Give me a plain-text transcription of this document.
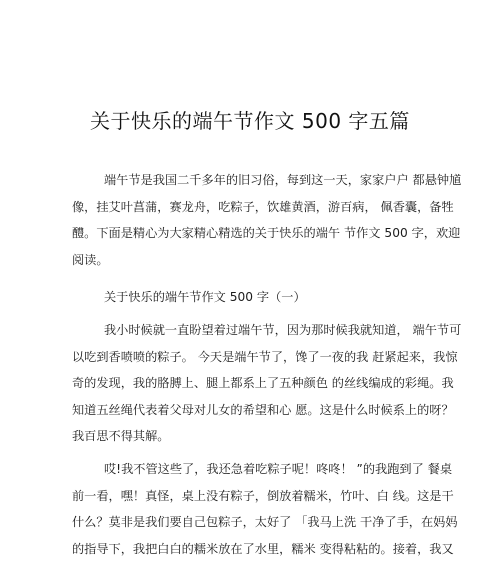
关于快乐的端午节作文 500 字五篇
端午节是我国二千多年的旧习俗，每到这一天，家家户户 都悬钟馗
像，挂艾叶菖蒲，赛龙舟，吃粽子，饮雄黄酒，游百病， 佩香囊，备牲
醴。下面是精心为大家精心精选的关于快乐的端午 节作文 500 字，欢迎
阅读。
关于快乐的端午节作文 500 字（一）
我小时候就一直盼望着过端午节，因为那时候我就知道， 端午节可
以吃到香喷喷的粽子。 今天是端午节了，馋了一夜的我 赶紧起来，我惊
奇的发现，我的胳膊上、腿上都系上了五种颜色 的丝线编成的彩绳。我
知道五丝绳代表着父母对儿女的希望和心 愿。这是什么时候系上的呀？
我百思不得其解。
哎!我不管这些了，我还急着吃粽子呢！咚咚！ ”的我跑到了 餐桌
前一看，嘿！真怪，桌上没有粽子，倒放着糯米，竹叶、白 线。这是干
什么？莫非是我们要自己包粽子，太好了 「我马上洗 干净了手，在妈妈
的指导下，我把白白的糯米放在了水里，糯米 变得粘粘的。接着，我又
